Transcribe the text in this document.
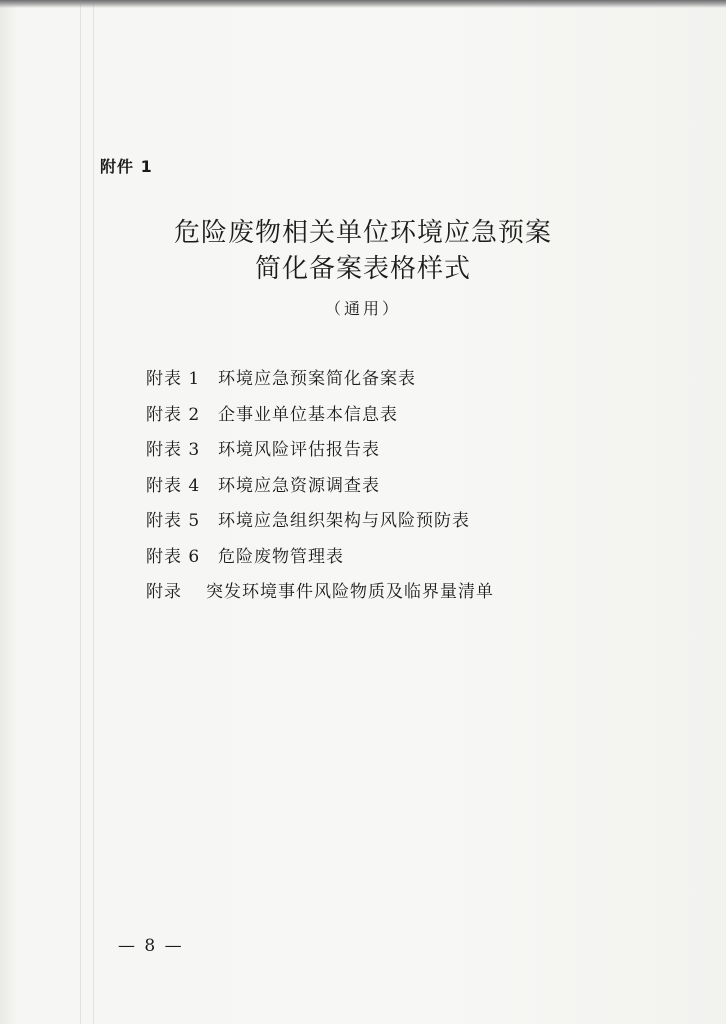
附件 1
危险废物相关单位环境应急预案
简化备案表格样式
（通用）
附表 1	环境应急预案简化备案表
附表 2	企事业单位基本信息表
附表 3	环境风险评估报告表
附表 4	环境应急资源调查表
附表 5	环境应急组织架构与风险预防表
附表 6	危险废物管理表
附录	突发环境事件风险物质及临界量清单
— 8 —
